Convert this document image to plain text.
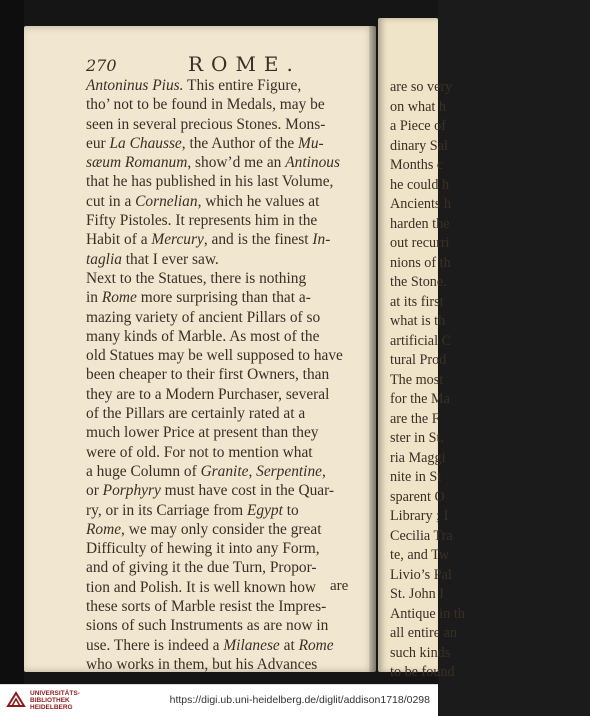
270	ROME.
Antoninus Pius. This entire Figure,
tho’ not to be found in Medals, may be
seen in several precious Stones. Mons-
eur La Chausse, the Author of the Mu-
sæum Romanum, show’d me an Antinous
that he has published in his last Volume,
cut in a Cornelian, which he values at
Fifty Pistoles. It represents him in the
Habit of a Mercury, and is the finest In-
taglia that I ever saw.
Next to the Statues, there is nothing
in Rome more surprising than that a-
mazing variety of ancient Pillars of so
many kinds of Marble. As most of the
old Statues may be well supposed to have
been cheaper to their first Owners, than
they are to a Modern Purchaser, several
of the Pillars are certainly rated at a
much lower Price at present than they
were of old. For not to mention what
a huge Column of Granite, Serpentine,
or Porphyry must have cost in the Quar-
ry, or in its Carriage from Egypt to
Rome, we may only consider the great
Difficulty of hewing it into any Form,
and of giving it the due Turn, Propor-
tion and Polish. It is well known how
these sorts of Marble resist the Impres-
sions of such Instruments as are now in
use. There is indeed a Milanese at Rome
who works in them, but his Advances
are
are so very
on what h
a Piece of
dinary Sal
Months c
he could h
Ancients h
harden the
out recurri
nions of th
the Stone.
at its first
what is th
artificial C
tural Prod
The most
for the Ma
are the F
ster in St.
ria Maggi
nite in St
sparent O
Library ; I
Cecilia Tra
te, and Tw
Livio’s Pal
St. John I
Antique in th
all entire an
such kinds
to be found
UNIVERSITÄTS-
BIBLIOTHEK
HEIDELBERG
https://digi.ub.uni-heidelberg.de/diglit/addison1718/0298
